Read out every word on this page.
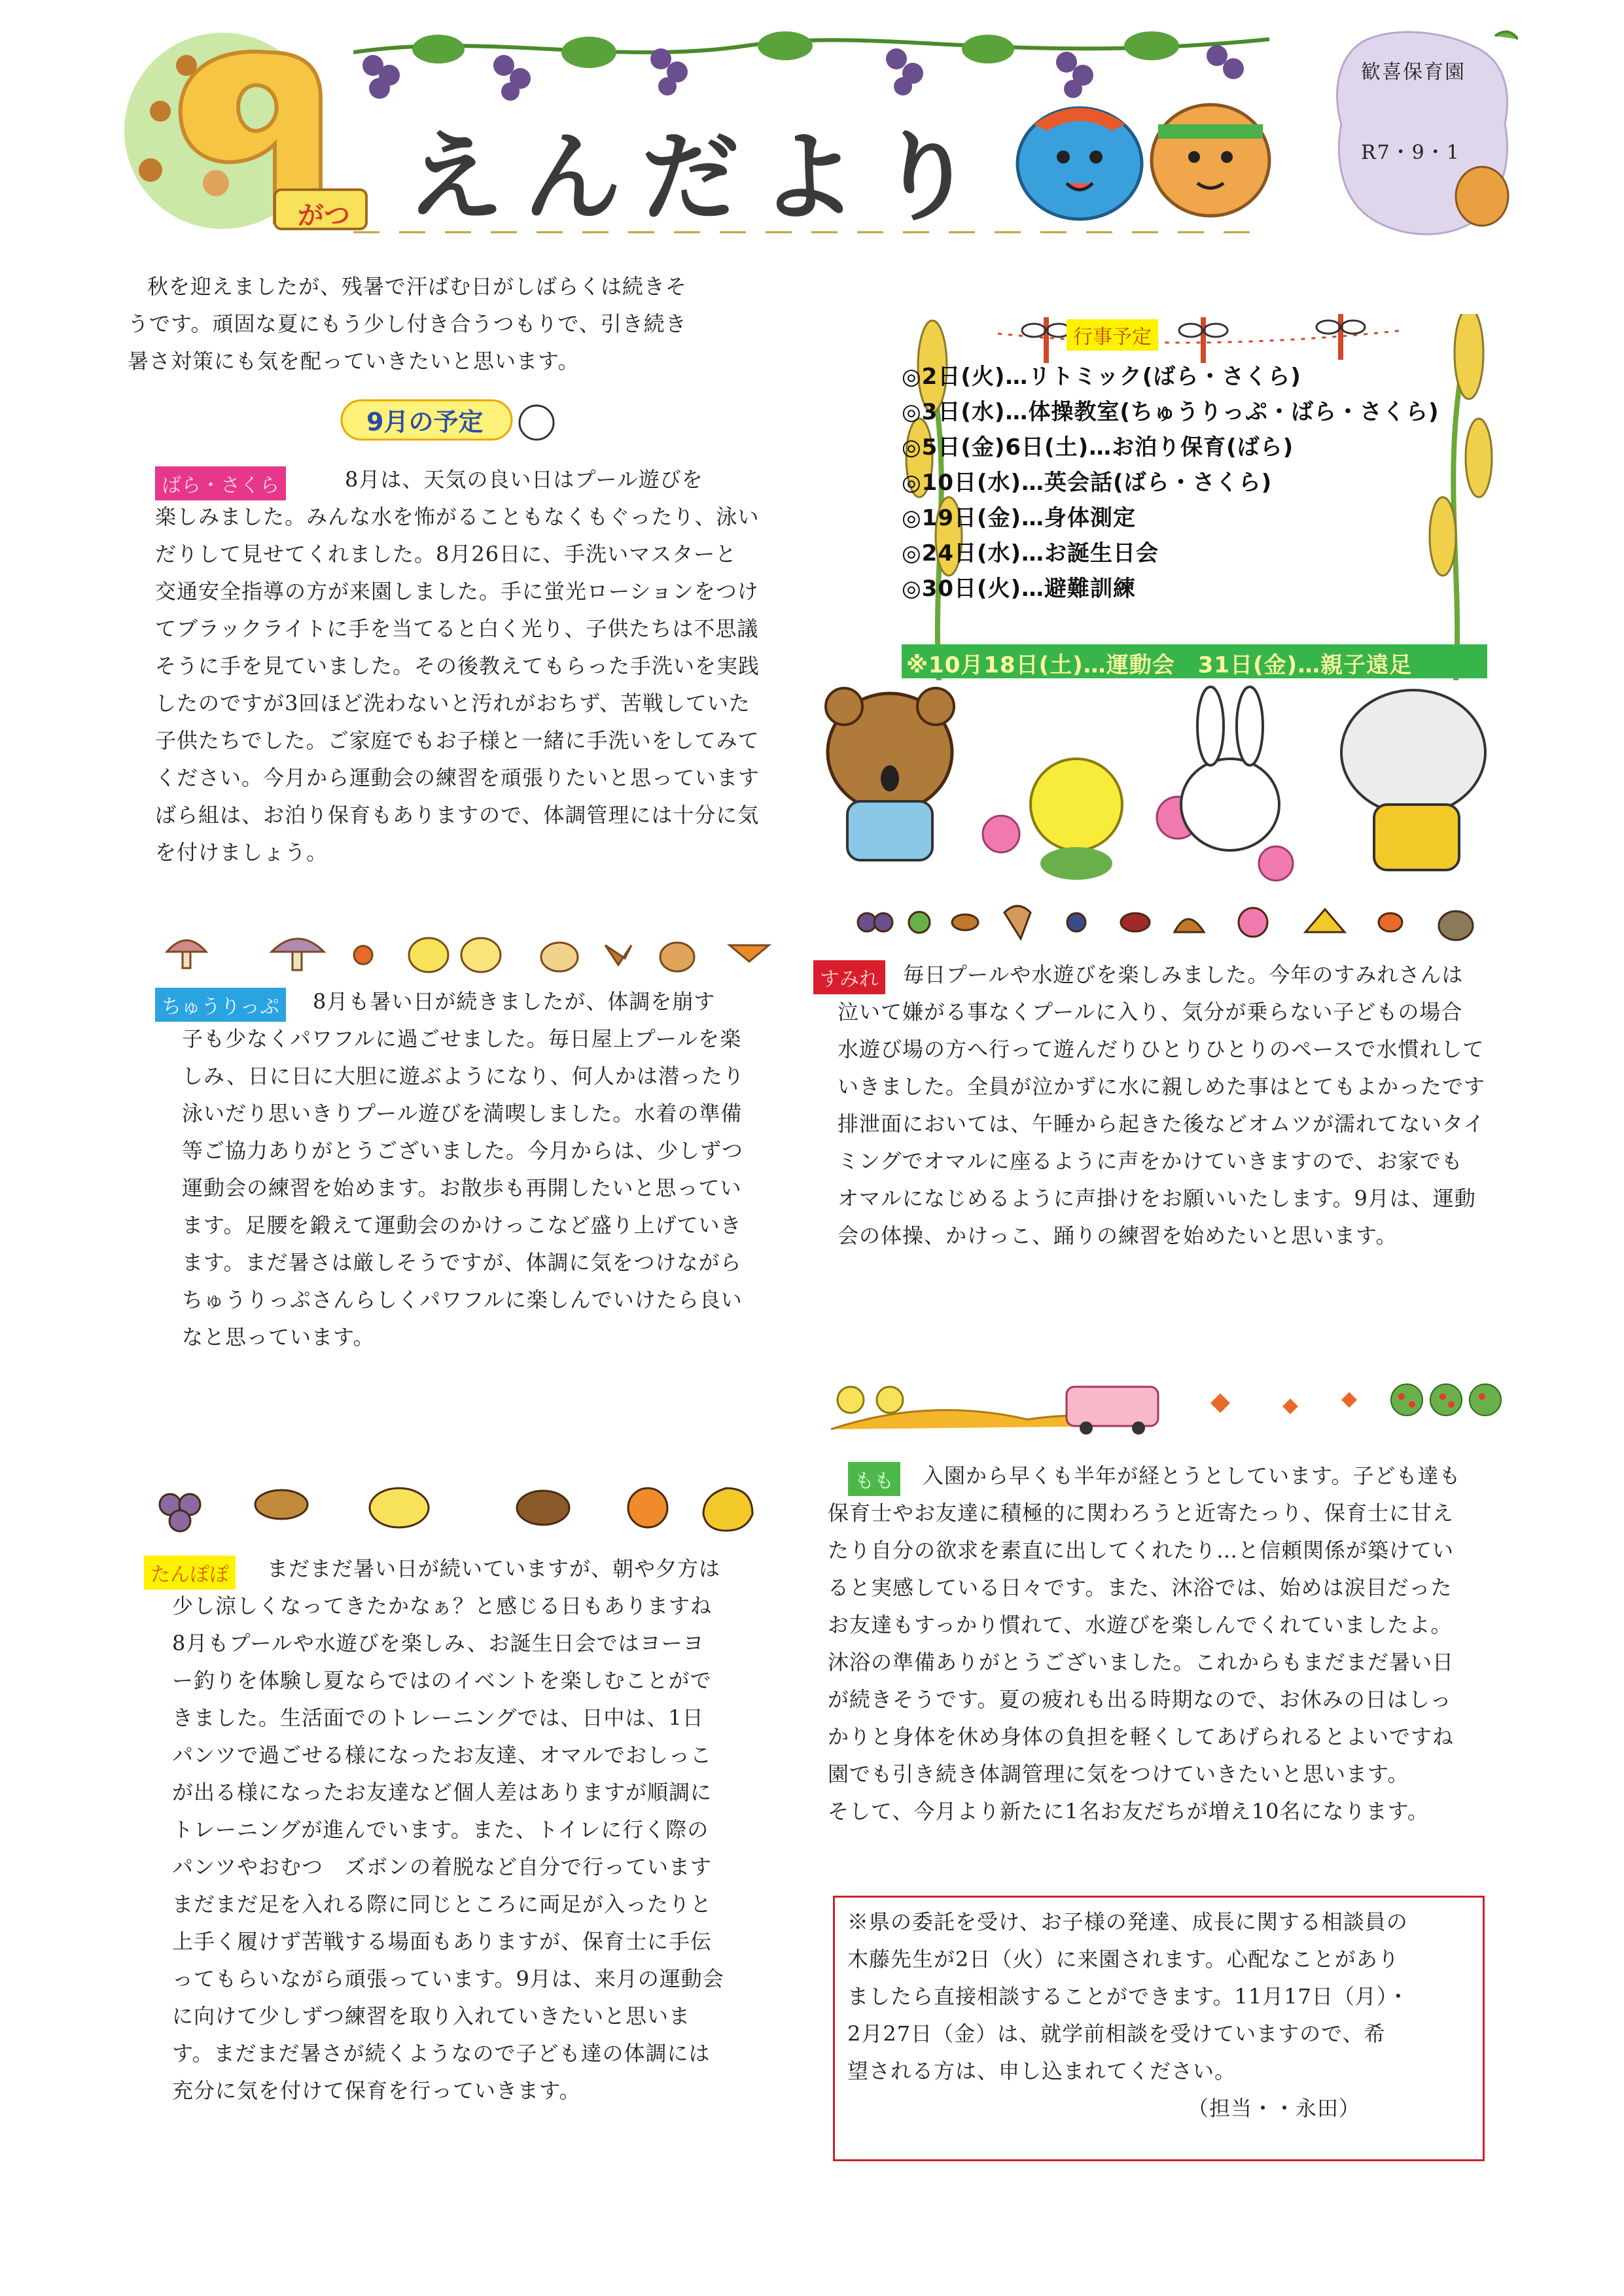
がつ えんだより
歓喜保育園
R7・9・1

秋を迎えましたが、残暑で汗ばむ日がしばらくは続きそ

うです。頑固な夏にもう少し付き合うつもりで、引き続き

暑さ対策にも気を配っていきたいと思います。

9月の予定
ばら・さくら	8月は、天気の良い日はプール遊びを

楽しみました。みんな水を怖がることもなくもぐったり、泳い

だりして見せてくれました。8月26日に、手洗いマスターと

交通安全指導の方が来園しました。手に蛍光ローションをつけ

てブラックライトに手を当てると白く光り、子供たちは不思議

そうに手を見ていました。その後教えてもらった手洗いを実践

したのですが3回ほど洗わないと汚れがおちず、苦戦していた

子供たちでした。ご家庭でもお子様と一緒に手洗いをしてみて

ください。今月から運動会の練習を頑張りたいと思っています

ばら組は、お泊り保育もありますので、体調管理には十分に気

を付けましょう。

行事予定
◎2日(火)…リトミック(ばら・さくら)
◎3日(水)…体操教室(ちゅうりっぷ・ばら・さくら)
◎5日(金)6日(土)…お泊り保育(ばら)
◎10日(水)…英会話(ばら・さくら)
◎19日(金)…身体測定
◎24日(水)…お誕生日会
◎30日(火)…避難訓練
※10月18日(土)…運動会　31日(金)…親子遠足
ちゅうりっぷ	8月も暑い日が続きましたが、体調を崩す

子も少なくパワフルに過ごせました。毎日屋上プールを楽

しみ、日に日に大胆に遊ぶようになり、何人かは潜ったり

泳いだり思いきりプール遊びを満喫しました。水着の準備

等ご協力ありがとうございました。今月からは、少しずつ

運動会の練習を始めます。お散歩も再開したいと思ってい

ます。足腰を鍛えて運動会のかけっこなど盛り上げていき

ます。まだ暑さは厳しそうですが、体調に気をつけながら

ちゅうりっぷさんらしくパワフルに楽しんでいけたら良い

なと思っています。

すみれ	毎日プールや水遊びを楽しみました。今年のすみれさんは

泣いて嫌がる事なくプールに入り、気分が乗らない子どもの場合

水遊び場の方へ行って遊んだりひとりひとりのペースで水慣れして

いきました。全員が泣かずに水に親しめた事はとてもよかったです

排泄面においては、午睡から起きた後などオムツが濡れてないタイ

ミングでオマルに座るように声をかけていきますので、お家でも

オマルになじめるように声掛けをお願いいたします。9月は、運動

会の体操、かけっこ、踊りの練習を始めたいと思います。

もも	入園から早くも半年が経とうとしています。子ども達も

保育士やお友達に積極的に関わろうと近寄たっり、保育士に甘え

たり自分の欲求を素直に出してくれたり…と信頼関係が築けてい

ると実感している日々です。また、沐浴では、始めは涙目だった

お友達もすっかり慣れて、水遊びを楽しんでくれていましたよ。

沐浴の準備ありがとうございました。これからもまだまだ暑い日

が続きそうです。夏の疲れも出る時期なので、お休みの日はしっ

かりと身体を休め身体の負担を軽くしてあげられるとよいですね

園でも引き続き体調管理に気をつけていきたいと思います。

そして、今月より新たに1名お友だちが増え10名になります。

たんぽぽ	まだまだ暑い日が続いていますが、朝や夕方は

少し涼しくなってきたかなぁ？と感じる日もありますね

8月もプールや水遊びを楽しみ、お誕生日会ではヨーヨ

ー釣りを体験し夏ならではのイベントを楽しむことがで

きました。生活面でのトレーニングでは、日中は、1日

パンツで過ごせる様になったお友達、オマルでおしっこ

が出る様になったお友達など個人差はありますが順調に

トレーニングが進んでいます。また、トイレに行く際の

パンツやおむつ　ズボンの着脱など自分で行っています

まだまだ足を入れる際に同じところに両足が入ったりと

上手く履けず苦戦する場面もありますが、保育士に手伝

ってもらいながら頑張っています。9月は、来月の運動会

に向けて少しずつ練習を取り入れていきたいと思いま

す。まだまだ暑さが続くようなので子ども達の体調には

充分に気を付けて保育を行っていきます。

※県の委託を受け、お子様の発達、成長に関する相談員の

木藤先生が2日（火）に来園されます。心配なことがあり

ましたら直接相談することができます。11月17日（月）・

2月27日（金）は、就学前相談を受けていますので、希

望される方は、申し込まれてください。

（担当・・永田）
